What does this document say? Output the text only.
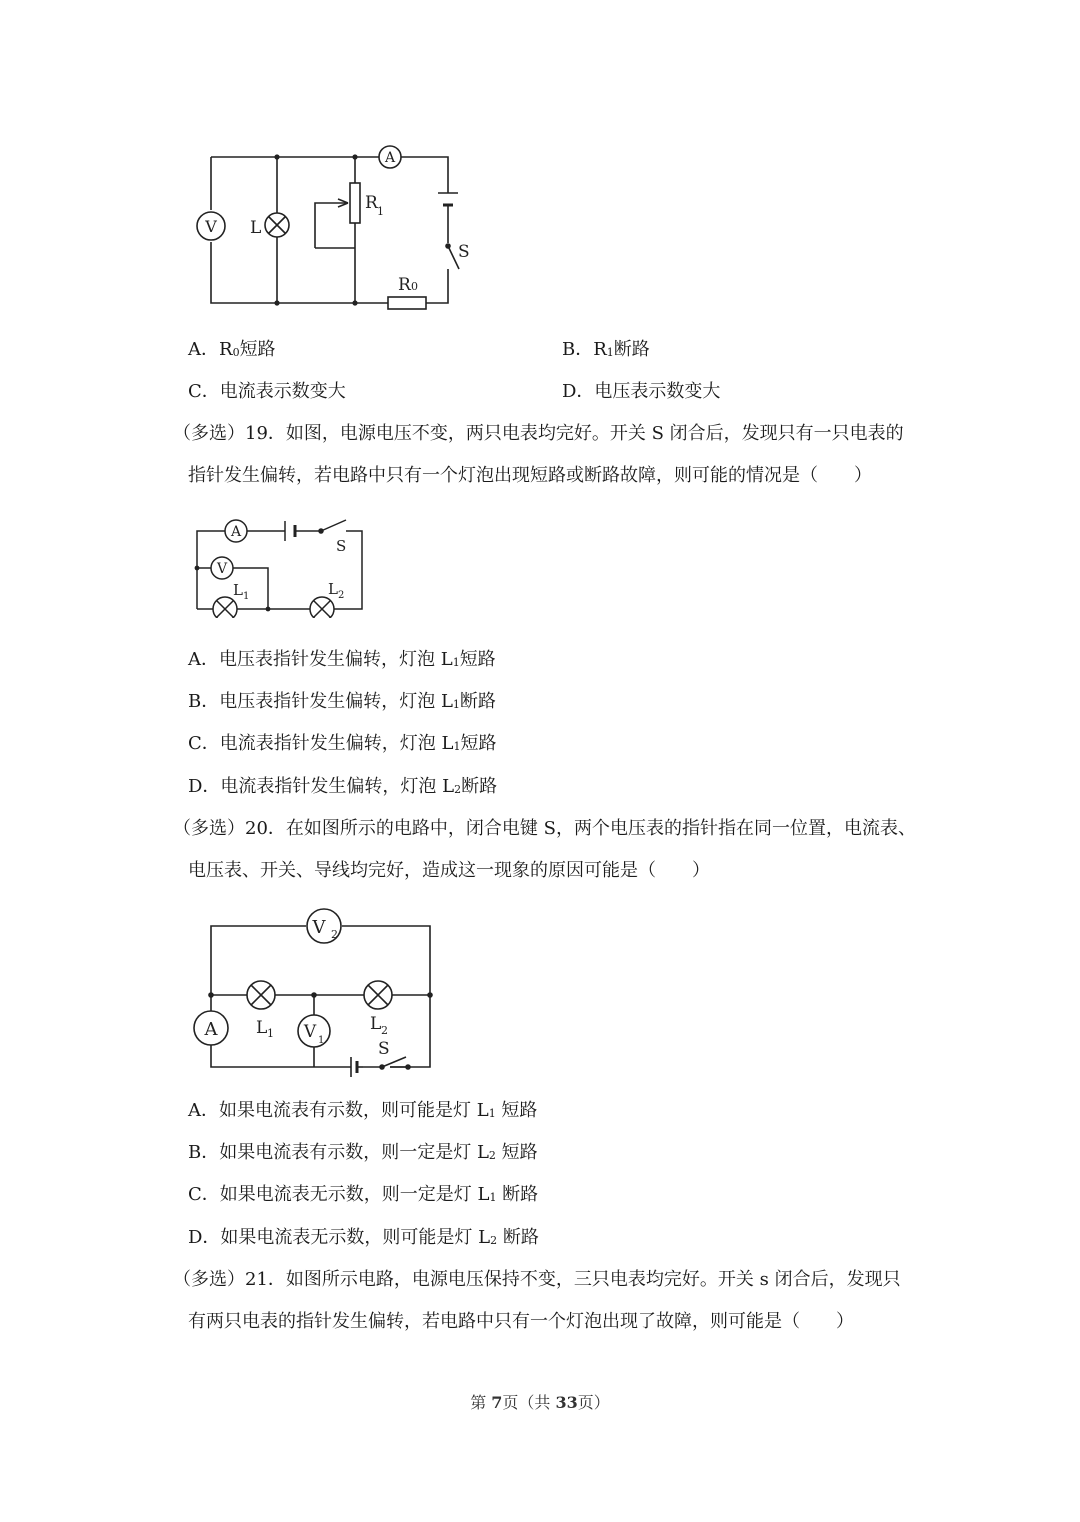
A
V L
R 1
S
R 0
A．$R_0$短路	B．$R_1$断路
C．电流表示数变大	D．电压表示数变大
（多选）19．如图，电源电压不变，两只电表均完好。开关 S 闭合后，发现只有一只电表的
指针发生偏转，若电路中只有一个灯泡出现短路或断路故障，则可能的情况是（　　）
A
S
V
L 1	L 2
A．电压表指针发生偏转，灯泡 $L_1$短路
B．电压表指针发生偏转，灯泡 $L_1$断路
C．电流表指针发生偏转，灯泡 $L_1$短路
D．电流表指针发生偏转，灯泡 $L_2$断路
（多选）20．在如图所示的电路中，闭合电键 S，两个电压表的指针指在同一位置，电流表、
电压表、开关、导线均完好，造成这一现象的原因可能是（　　）
V 2
L 1	L 2
A	V 1	S
A．如果电流表有示数，则可能是灯 $L_1$ 短路
B．如果电流表有示数，则一定是灯 $L_2$ 短路
C．如果电流表无示数，则一定是灯 $L_1$ 断路
D．如果电流表无示数，则可能是灯 $L_2$ 断路
（多选）21．如图所示电路，电源电压保持不变，三只电表均完好。开关 s 闭合后，发现只
有两只电表的指针发生偏转，若电路中只有一个灯泡出现了故障，则可能是（　　）
第 7页（共 33页）
